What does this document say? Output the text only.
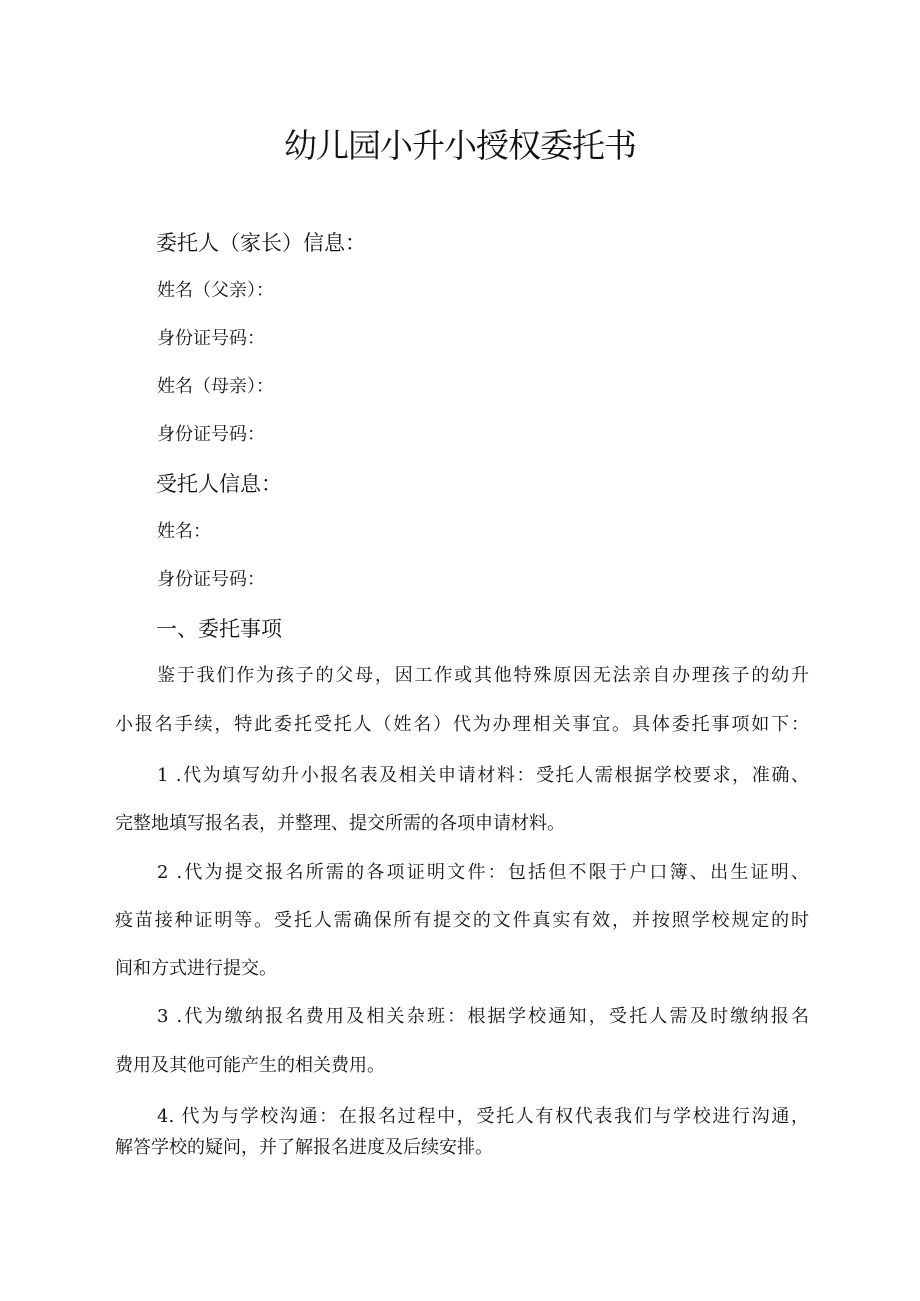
幼儿园小升小授权委托书
委托人（家长）信息：
姓名（父亲）：
身份证号码：
姓名（母亲）：
身份证号码：
受托人信息：
姓名：
身份证号码：
一、委托事项
鉴于我们作为孩子的父母，因工作或其他特殊原因无法亲自办理孩子的幼升
小报名手续，特此委托受托人（姓名）代为办理相关事宜。具体委托事项如下：
1 .代为填写幼升小报名表及相关申请材料：受托人需根据学校要求，准确、
完整地填写报名表，并整理、提交所需的各项申请材料。
2 .代为提交报名所需的各项证明文件：包括但不限于户口簿、出生证明、
疫苗接种证明等。受托人需确保所有提交的文件真实有效，并按照学校规定的时
间和方式进行提交。
3 .代为缴纳报名费用及相关杂班：根据学校通知，受托人需及时缴纳报名
费用及其他可能产生的相关费用。
4. 代为与学校沟通：在报名过程中，受托人有权代表我们与学校进行沟通，
解答学校的疑问，并了解报名进度及后续安排。
